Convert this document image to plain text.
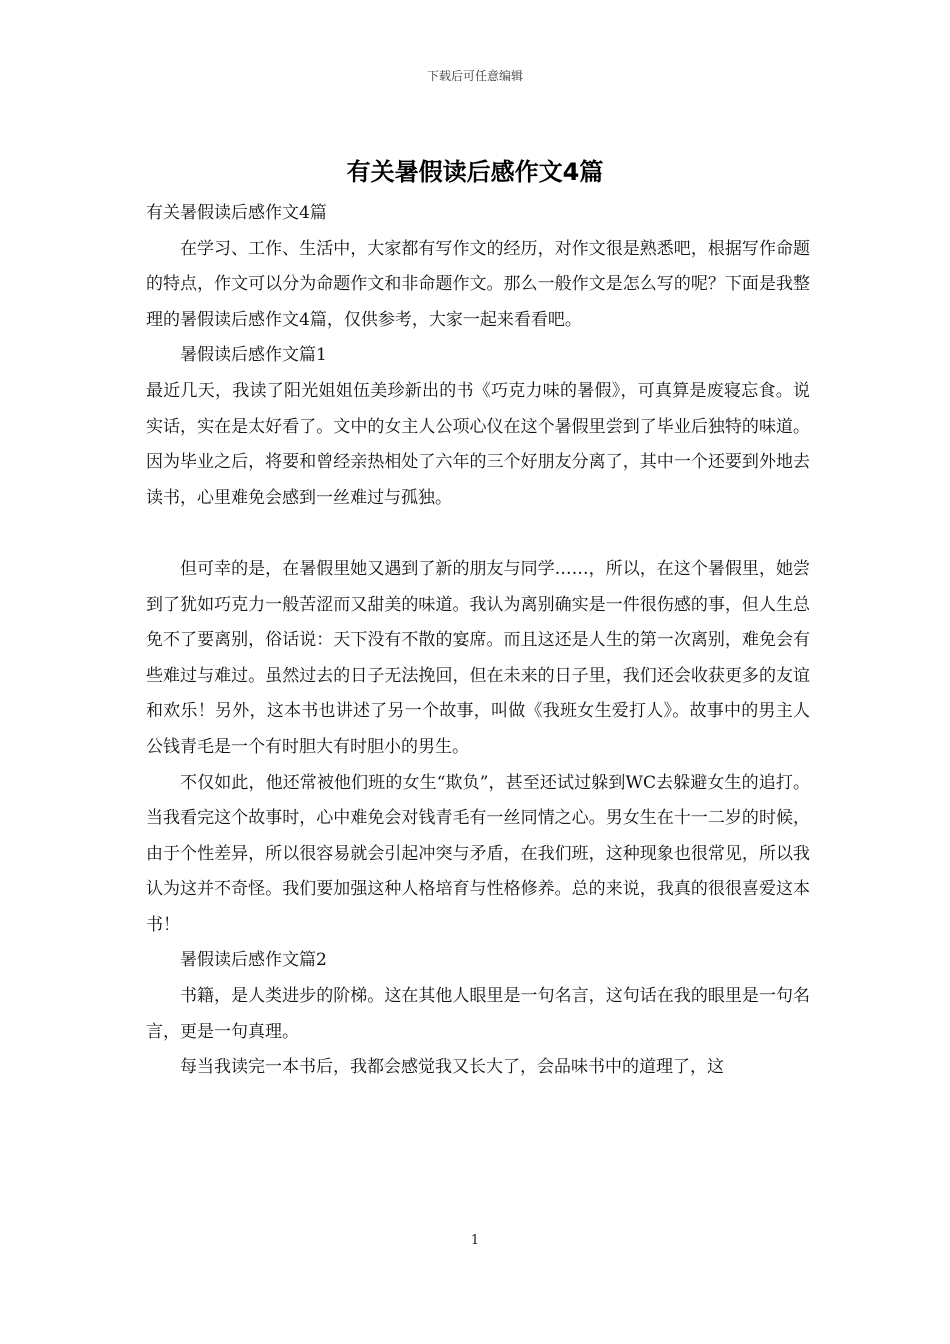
下载后可任意编辑
有关暑假读后感作文4篇

有关暑假读后感作文4篇

在学习、工作、生活中，大家都有写作文的经历，对作文很是熟悉吧，根据写作命题的特点，作文可以分为命题作文和非命题作文。那么一般作文是怎么写的呢？下面是我整理的暑假读后感作文4篇，仅供参考，大家一起来看看吧。

暑假读后感作文篇1

最近几天，我读了阳光姐姐伍美珍新出的书《巧克力味的暑假》，可真算是废寝忘食。说实话，实在是太好看了。文中的女主人公项心仪在这个暑假里尝到了毕业后独特的味道。因为毕业之后，将要和曾经亲热相处了六年的三个好朋友分离了，其中一个还要到外地去读书，心里难免会感到一丝难过与孤独。

但可幸的是，在暑假里她又遇到了新的朋友与同学……，所以，在这个暑假里，她尝到了犹如巧克力一般苦涩而又甜美的味道。我认为离别确实是一件很伤感的事，但人生总免不了要离别，俗话说：天下没有不散的宴席。而且这还是人生的第一次离别，难免会有些难过与难过。虽然过去的日子无法挽回，但在未来的日子里，我们还会收获更多的友谊和欢乐！另外，这本书也讲述了另一个故事，叫做《我班女生爱打人》。故事中的男主人公钱青毛是一个有时胆大有时胆小的男生。

不仅如此，他还常被他们班的女生“欺负”，甚至还试过躲到WC去躲避女生的追打。当我看完这个故事时，心中难免会对钱青毛有一丝同情之心。男女生在十一二岁的时候，由于个性差异，所以很容易就会引起冲突与矛盾，在我们班，这种现象也很常见，所以我认为这并不奇怪。我们要加强这种人格培育与性格修养。总的来说，我真的很很喜爱这本书！

暑假读后感作文篇2

书籍，是人类进步的阶梯。这在其他人眼里是一句名言，这句话在我的眼里是一句名言，更是一句真理。

每当我读完一本书后，我都会感觉我又长大了，会品味书中的道理了，这

1
